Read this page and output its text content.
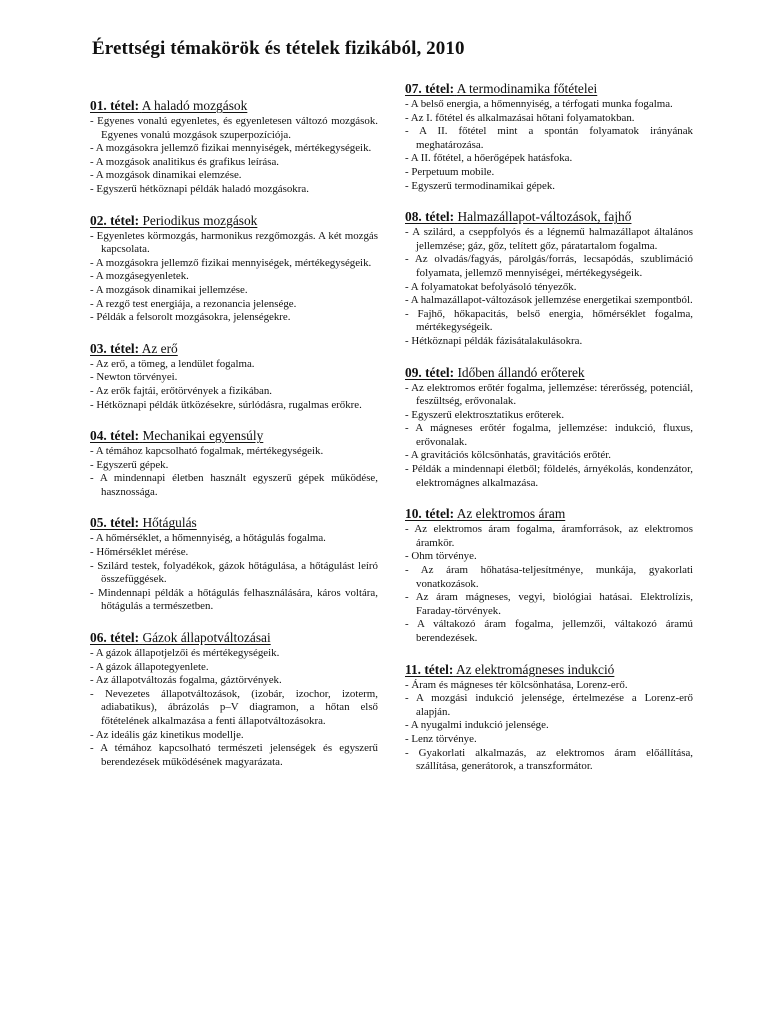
Érettségi témakörök és tételek fizikából, 2010
01. tétel: A haladó mozgások
- Egyenes vonalú egyenletes, és egyenletesen változó mozgások. Egyenes vonalú mozgások szuperpozíciója.
- A mozgásokra jellemző fizikai mennyiségek, mértékegységeik.
- A mozgások analitikus és grafikus leírása.
- A mozgások dinamikai elemzése.
- Egyszerű hétköznapi példák haladó mozgásokra.
02. tétel: Periodikus mozgások
- Egyenletes körmozgás, harmonikus rezgőmozgás. A két mozgás kapcsolata.
- A mozgásokra jellemző fizikai mennyiségek, mértékegységeik.
- A mozgásegyenletek.
- A mozgások dinamikai jellemzése.
- A rezgő test energiája, a rezonancia jelensége.
- Példák a felsorolt mozgásokra, jelenségekre.
03. tétel: Az erő
- Az erő, a tömeg, a lendület fogalma.
- Newton törvényei.
- Az erők fajtái, erőtörvények a fizikában.
- Hétköznapi példák ütközésekre, súrlódásra, rugalmas erőkre.
04. tétel: Mechanikai egyensúly
- A témához kapcsolható fogalmak, mértékegységeik.
- Egyszerű gépek.
- A mindennapi életben használt egyszerű gépek működése, hasznossága.
05. tétel: Hőtágulás
- A hőmérséklet, a hőmennyiség, a hőtágulás fogalma.
- Hőmérséklet mérése.
- Szilárd testek, folyadékok, gázok hőtágulása, a hőtágulást leíró összefüggések.
- Mindennapi példák a hőtágulás felhasználására, káros voltára, hőtágulás a természetben.
06. tétel: Gázok állapotváltozásai
- A gázok állapotjelzői és mértékegységeik.
- A gázok állapotegyenlete.
- Az állapotváltozás fogalma, gáztörvények.
- Nevezetes állapotváltozások, (izobár, izochor, izoterm, adiabatikus), ábrázolás p–V diagramon, a hőtan első főtételének alkalmazása a fenti állapotváltozásokra.
- Az ideális gáz kinetikus modellje.
- A témához kapcsolható természeti jelenségek és egyszerű berendezések működésének magyarázata.
07. tétel: A termodinamika főtételei
- A belső energia, a hőmennyiség, a térfogati munka fogalma.
- Az I. főtétel és alkalmazásai hőtani folyamatokban.
- A II. főtétel mint a spontán folyamatok irányának meghatározása.
- A II. főtétel, a hőerőgépek hatásfoka.
- Perpetuum mobile.
- Egyszerű termodinamikai gépek.
08. tétel: Halmazállapot-változások, fajhő
- A szilárd, a cseppfolyós és a légnemű halmazállapot általános jellemzése; gáz, gőz, telített gőz, páratartalom fogalma.
- Az olvadás/fagyás, párolgás/forrás, lecsapódás, szublimáció folyamata, jellemző mennyiségei, mértékegységeik.
- A folyamatokat befolyásoló tényezők.
- A halmazállapot-változások jellemzése energetikai szempontból.
- Fajhő, hőkapacitás, belső energia, hőmérséklet fogalma, mértékegységeik.
- Hétköznapi példák fázisátalakulásokra.
09. tétel: Időben állandó erőterek
- Az elektromos erőtér fogalma, jellemzése: térerősség, potenciál, feszültség, erővonalak.
- Egyszerű elektrosztatikus erőterek.
- A mágneses erőtér fogalma, jellemzése: indukció, fluxus, erővonalak.
- A gravitációs kölcsönhatás, gravitációs erőtér.
- Példák a mindennapi életből; földelés, árnyékolás, kondenzátor, elektromágnes alkalmazása.
10. tétel: Az elektromos áram
- Az elektromos áram fogalma, áramforrások, az elektromos áramkör.
- Ohm törvénye.
- Az áram hőhatása-teljesítménye, munkája, gyakorlati vonatkozások.
- Az áram mágneses, vegyi, biológiai hatásai. Elektrolízis, Faraday-törvények.
- A váltakozó áram fogalma, jellemzői, váltakozó áramú berendezések.
11. tétel: Az elektromágneses indukció
- Áram és mágneses tér kölcsönhatása, Lorenz-erő.
- A mozgási indukció jelensége, értelmezése a Lorenz-erő alapján.
- A nyugalmi indukció jelensége.
- Lenz törvénye.
- Gyakorlati alkalmazás, az elektromos áram előállítása, szállítása, generátorok, a transzformátor.
